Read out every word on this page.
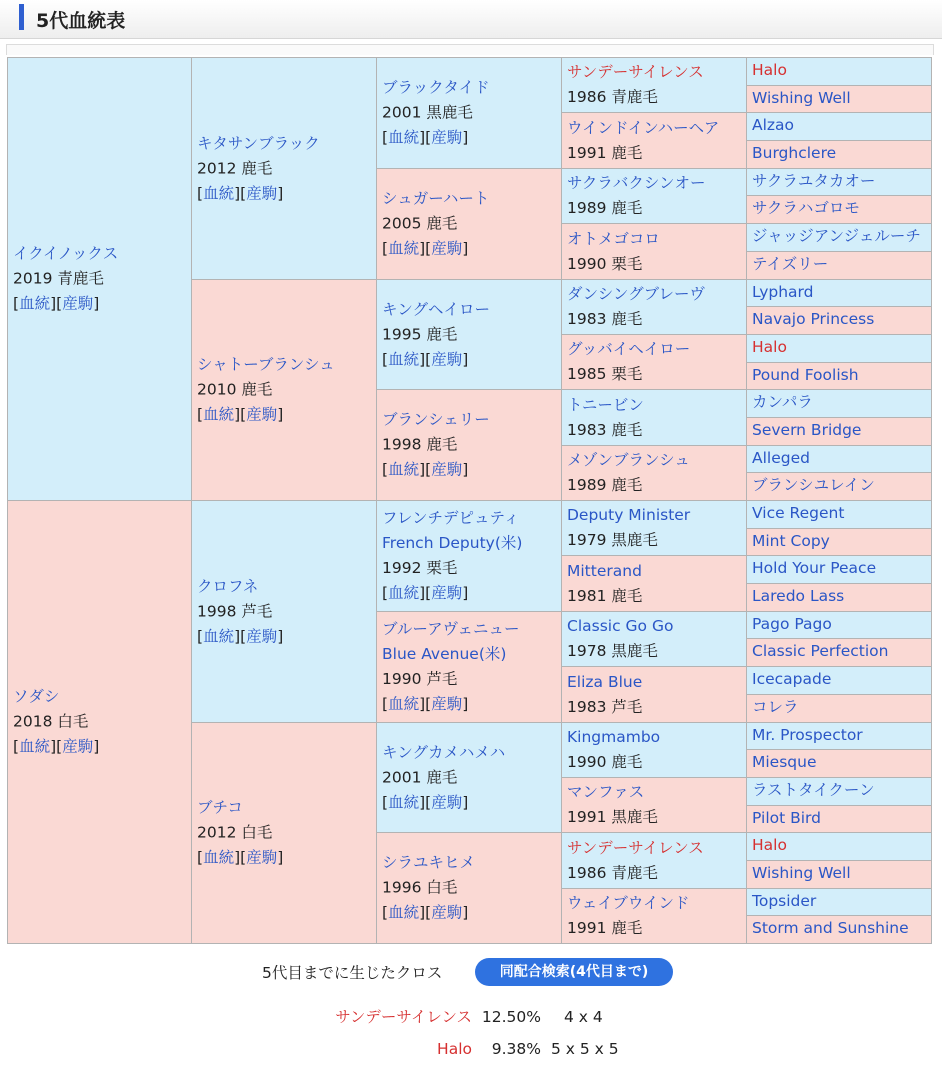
5代血統表
イクイノックス
2019 青鹿毛
[血統][産駒]
ソダシ
2018 白毛
[血統][産駒]
キタサンブラック
2012 鹿毛
[血統][産駒]
シャトーブランシュ
2010 鹿毛
[血統][産駒]
クロフネ
1998 芦毛
[血統][産駒]
ブチコ
2012 白毛
[血統][産駒]
ブラックタイド
2001 黒鹿毛
[血統][産駒]
シュガーハート
2005 鹿毛
[血統][産駒]
キングヘイロー
1995 鹿毛
[血統][産駒]
ブランシェリー
1998 鹿毛
[血統][産駒]
フレンチデピュティ
French Deputy(米)
1992 栗毛
[血統][産駒]
ブルーアヴェニュー
Blue Avenue(米)
1990 芦毛
[血統][産駒]
キングカメハメハ
2001 鹿毛
[血統][産駒]
シラユキヒメ
1996 白毛
[血統][産駒]
サンデーサイレンス
1986 青鹿毛
ウインドインハーヘア
1991 鹿毛
サクラバクシンオー
1989 鹿毛
オトメゴコロ
1990 栗毛
ダンシングブレーヴ
1983 鹿毛
グッバイヘイロー
1985 栗毛
トニービン
1983 鹿毛
メゾンブランシュ
1989 鹿毛
Deputy Minister
1979 黒鹿毛
Mitterand
1981 鹿毛
Classic Go Go
1978 黒鹿毛
Eliza Blue
1983 芦毛
Kingmambo
1990 鹿毛
マンファス
1991 黒鹿毛
サンデーサイレンス
1986 青鹿毛
ウェイブウインド
1991 鹿毛
Halo
Wishing Well
Alzao
Burghclere
サクラユタカオー
サクラハゴロモ
ジャッジアンジェルーチ
テイズリー
Lyphard
Navajo Princess
Halo
Pound Foolish
カンパラ
Severn Bridge
Alleged
ブランシユレイン
Vice Regent
Mint Copy
Hold Your Peace
Laredo Lass
Pago Pago
Classic Perfection
Icecapade
コレラ
Mr. Prospector
Miesque
ラストタイクーン
Pilot Bird
Halo
Wishing Well
Topsider
Storm and Sunshine
5代目までに生じたクロス	同配合検索(4代目まで)
サンデーサイレンス 12.50% 4 x 4
Halo	9.38% 5 x 5 x 5
